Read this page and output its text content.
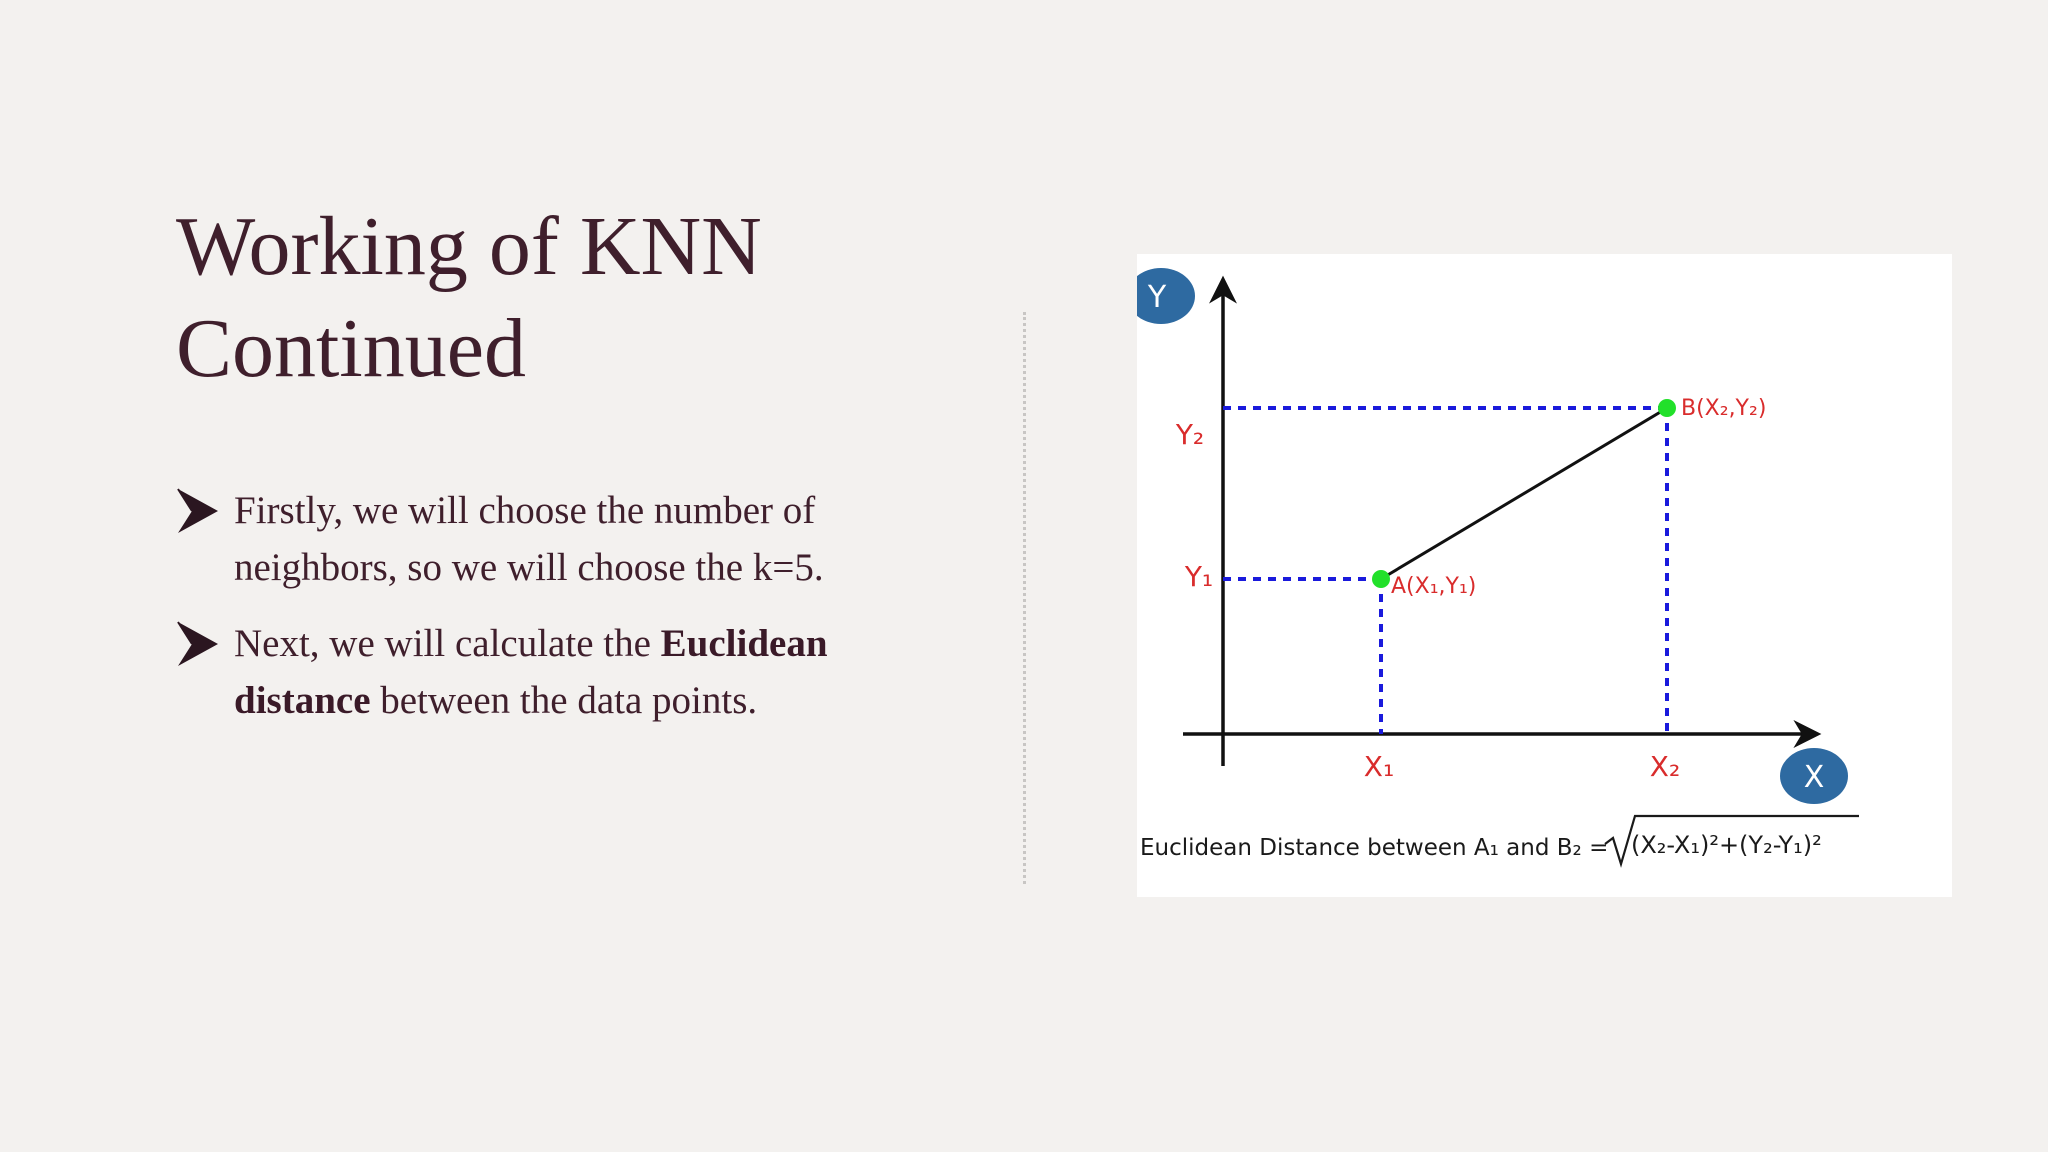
Working of KNN
Continued
Firstly, we will choose the number of neighbors, so we will choose the k=5.
Next, we will calculate the Euclidean distance between the data points.
Y
A(X₁,Y₁)
B(X₂,Y₂)
Y₂
Y₁
X₁	X₂	X
Euclidean Distance between A₁ and B₂ = (X₂-X₁)²+(Y₂-Y₁)²
